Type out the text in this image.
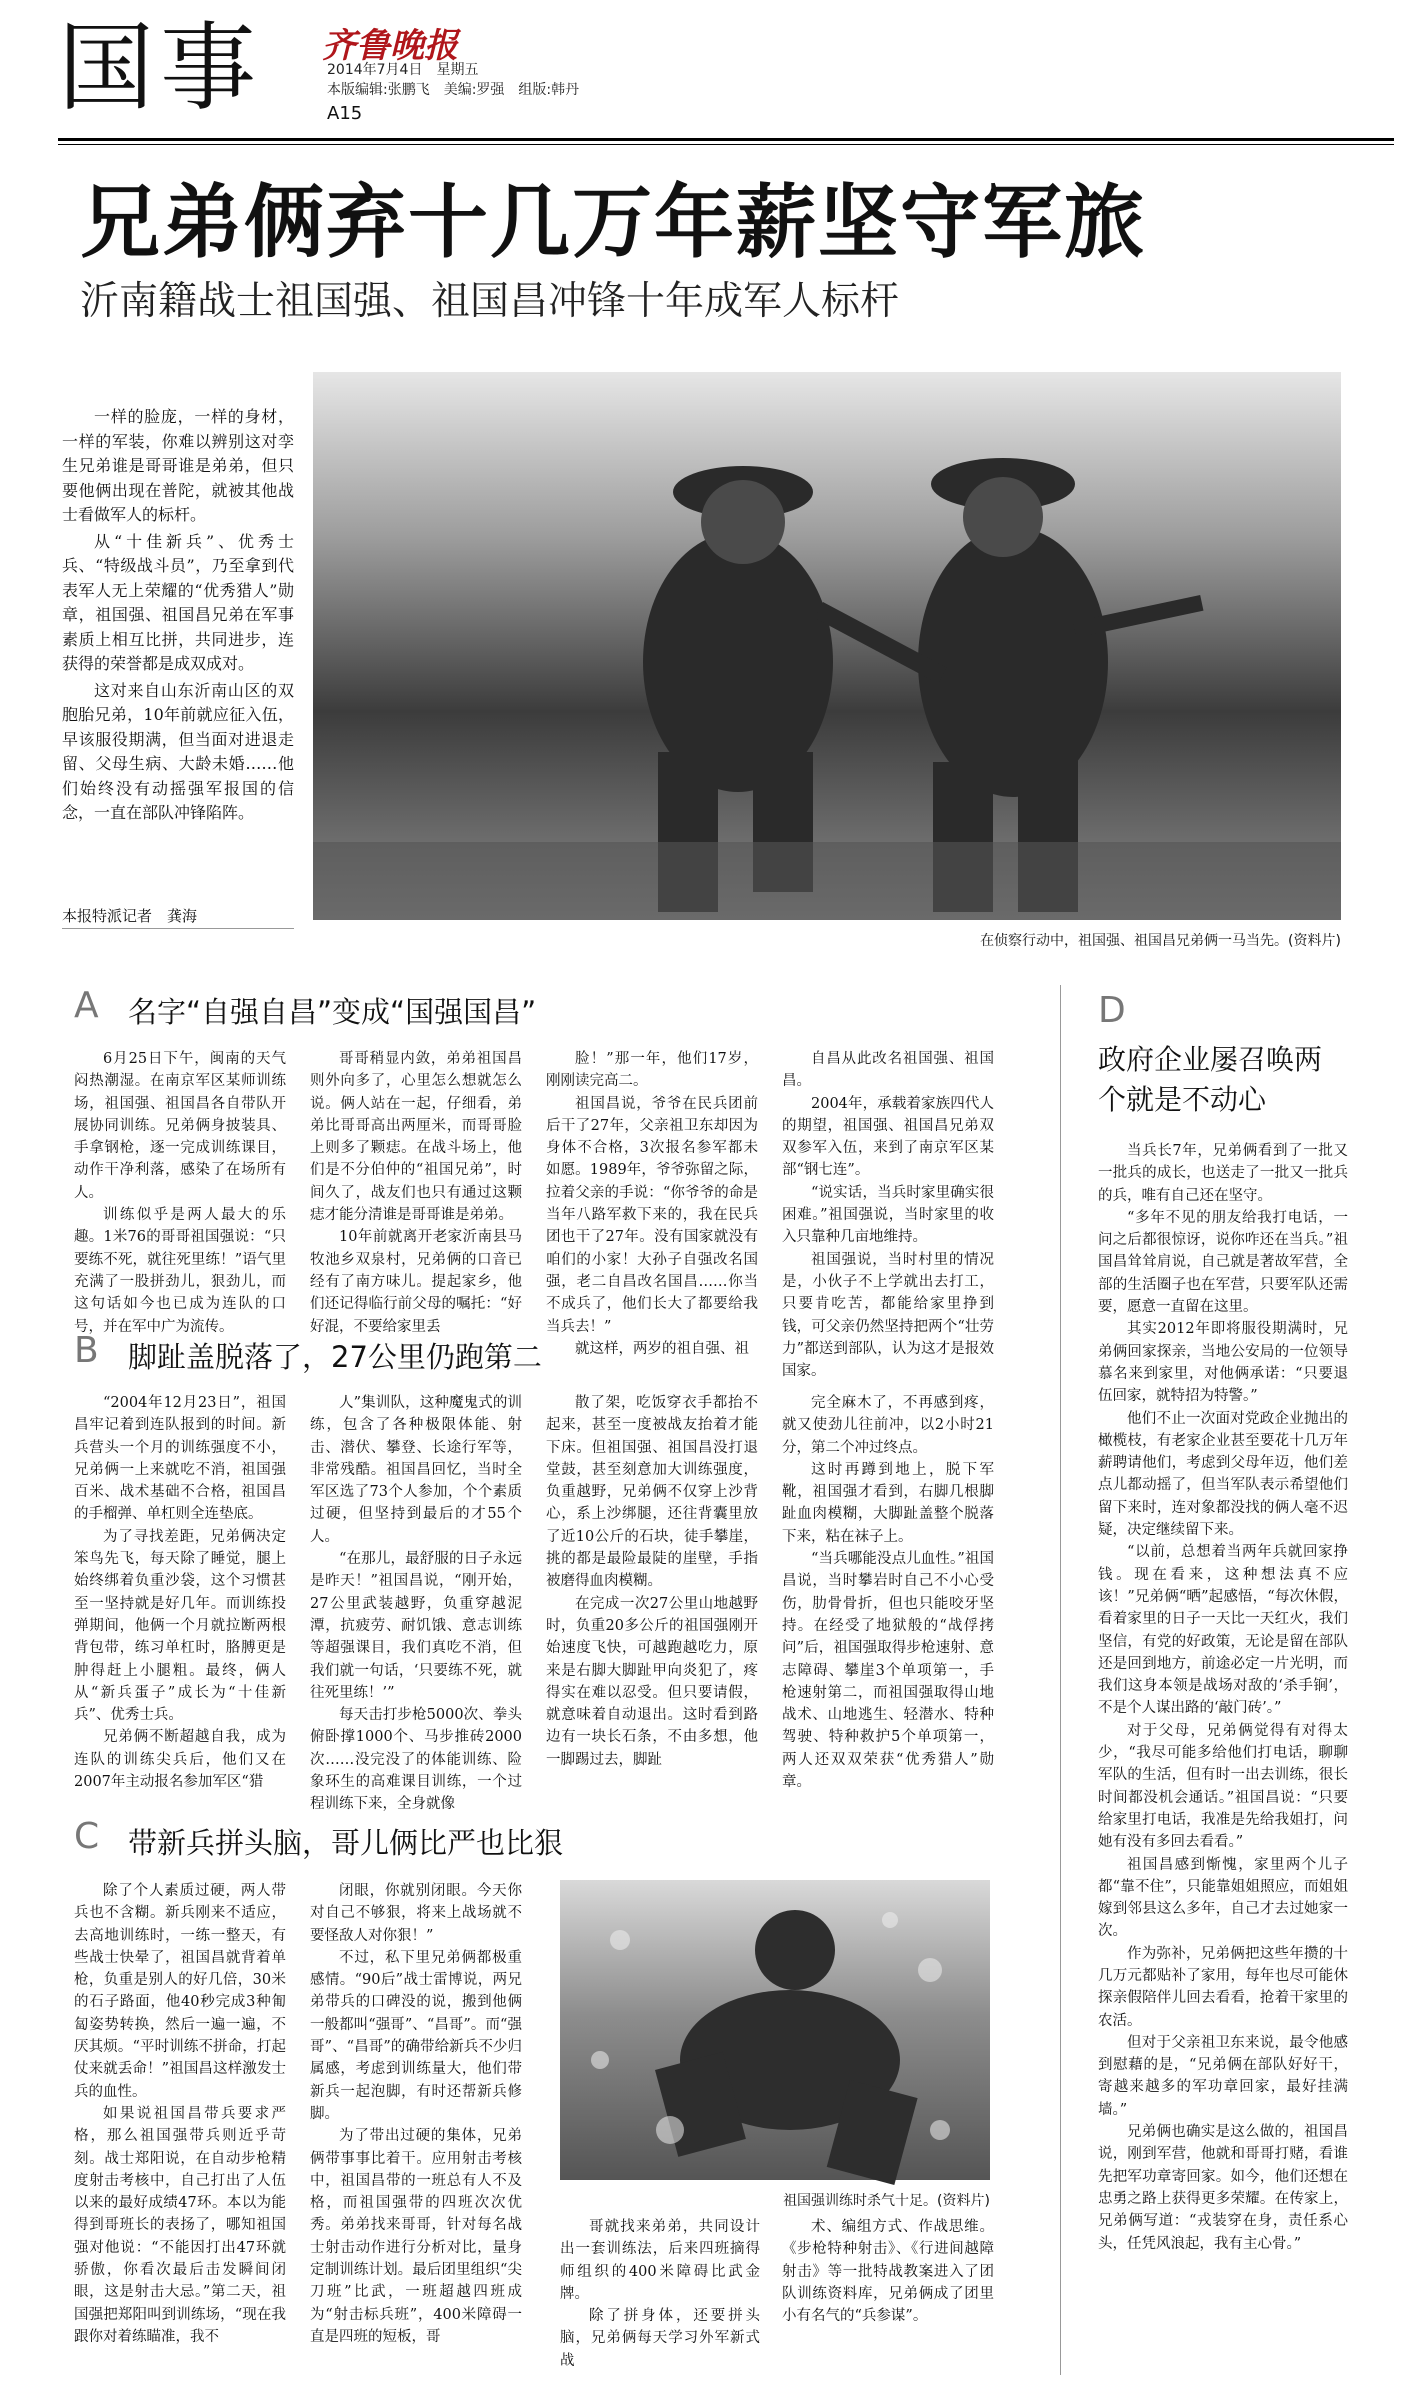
国事 齐鲁晚报
2014年7月4日　星期五
本版编辑:张鹏飞　美编:罗强　组版:韩丹
A15
兄弟俩弃十几万年薪坚守军旅
沂南籍战士祖国强、祖国昌冲锋十年成军人标杆

一样的脸庞，一样的身材，一样的军装，你难以辨别这对孪生兄弟谁是哥哥谁是弟弟，但只要他俩出现在普陀，就被其他战士看做军人的标杆。

从“十佳新兵”、优秀士兵、“特级战斗员”，乃至拿到代表军人无上荣耀的“优秀猎人”勋章，祖国强、祖国昌兄弟在军事素质上相互比拼，共同进步，连获得的荣誉都是成双成对。

这对来自山东沂南山区的双胞胎兄弟，10年前就应征入伍，早该服役期满，但当面对进退走留、父母生病、大龄未婚……他们始终没有动摇强军报国的信念，一直在部队冲锋陷阵。

本报特派记者　龚海
在侦察行动中，祖国强、祖国昌兄弟俩一马当先。(资料片)
A 名字“自强自昌”变成“国强国昌”

6月25日下午，闽南的天气闷热潮湿。在南京军区某师训练场，祖国强、祖国昌各自带队开展协同训练。兄弟俩身披装具、手拿钢枪，逐一完成训练课目，动作干净利落，感染了在场所有人。

训练似乎是两人最大的乐趣。1米76的哥哥祖国强说：“只要练不死，就往死里练！”语气里充满了一股拼劲儿，狠劲儿，而这句话如今也已成为连队的口号，并在军中广为流传。

哥哥稍显内敛，弟弟祖国昌则外向多了，心里怎么想就怎么说。俩人站在一起，仔细看，弟弟比哥哥高出两厘米，而哥哥脸上则多了颗痣。在战斗场上，他们是不分伯仲的“祖国兄弟”，时间久了，战友们也只有通过这颗痣才能分清谁是哥哥谁是弟弟。

10年前就离开老家沂南县马牧池乡双泉村，兄弟俩的口音已经有了南方味儿。提起家乡，他们还记得临行前父母的嘱托：“好好混，不要给家里丢

脸！”那一年，他们17岁，刚刚读完高二。

祖国昌说，爷爷在民兵团前后干了27年，父亲祖卫东却因为身体不合格，3次报名参军都未如愿。1989年，爷爷弥留之际，拉着父亲的手说：“你爷爷的命是当年八路军救下来的，我在民兵团也干了27年。没有国家就没有咱们的小家！大孙子自强改名国强，老二自昌改名国昌……你当不成兵了，他们长大了都要给我当兵去！”

就这样，两岁的祖自强、祖

自昌从此改名祖国强、祖国昌。

2004年，承载着家族四代人的期望，祖国强、祖国昌兄弟双双参军入伍，来到了南京军区某部“钢七连”。

“说实话，当兵时家里确实很困难。”祖国强说，当时家里的收入只靠种几亩地维持。

祖国强说，当时村里的情况是，小伙子不上学就出去打工，只要肯吃苦，都能给家里挣到钱，可父亲仍然坚持把两个“壮劳力”都送到部队，认为这才是报效国家。

B 脚趾盖脱落了，27公里仍跑第二

“2004年12月23日”，祖国昌牢记着到连队报到的时间。新兵营头一个月的训练强度不小，兄弟俩一上来就吃不消，祖国强百米、战术基础不合格，祖国昌的手榴弹、单杠则全连垫底。

为了寻找差距，兄弟俩决定笨鸟先飞，每天除了睡觉，腿上始终绑着负重沙袋，这个习惯甚至一坚持就是好几年。而训练投弹期间，他俩一个月就拉断两根背包带，练习单杠时，胳膊更是肿得赶上小腿粗。最终，俩人从“新兵蛋子”成长为“十佳新兵”、优秀士兵。

兄弟俩不断超越自我，成为连队的训练尖兵后，他们又在2007年主动报名参加军区“猎

人”集训队，这种魔鬼式的训练，包含了各种极限体能、射击、潜伏、攀登、长途行军等，非常残酷。祖国昌回忆，当时全军区选了73个人参加，个个素质过硬，但坚持到最后的才55个人。

“在那儿，最舒服的日子永远是昨天！”祖国昌说，“刚开始，27公里武装越野，负重穿越泥潭，抗疲劳、耐饥饿、意志训练等超强课目，我们真吃不消，但我们就一句话，‘只要练不死，就往死里练！’”

每天击打步枪5000次、拳头俯卧撑1000个、马步推砖2000次……没完没了的体能训练、险象环生的高难课目训练，一个过程训练下来，全身就像

散了架，吃饭穿衣手都抬不起来，甚至一度被战友抬着才能下床。但祖国强、祖国昌没打退堂鼓，甚至刻意加大训练强度，负重越野，兄弟俩不仅穿上沙背心，系上沙绑腿，还往背囊里放了近10公斤的石块，徒手攀崖，挑的都是最险最陡的崖壁，手指被磨得血肉模糊。

在完成一次27公里山地越野时，负重20多公斤的祖国强刚开始速度飞快，可越跑越吃力，原来是右脚大脚趾甲向炎犯了，疼得实在难以忍受。但只要请假，就意味着自动退出。这时看到路边有一块长石条，不由多想，他一脚踢过去，脚趾

完全麻木了，不再感到疼，就又使劲儿往前冲，以2小时21分，第二个冲过终点。

这时再蹲到地上，脱下军靴，祖国强才看到，右脚几根脚趾血肉模糊，大脚趾盖整个脱落下来，粘在袜子上。

“当兵哪能没点儿血性。”祖国昌说，当时攀岩时自己不小心受伤，肋骨骨折，但也只能咬牙坚持。在经受了地狱般的“战俘拷问”后，祖国强取得步枪速射、意志障碍、攀崖3个单项第一，手枪速射第二，而祖国强取得山地战术、山地逃生、轻潜水、特种驾驶、特种救护5个单项第一，两人还双双荣获“优秀猎人”勋章。

C 带新兵拼头脑，哥儿俩比严也比狠

除了个人素质过硬，两人带兵也不含糊。新兵刚来不适应，去高地训练时，一练一整天，有些战士快晕了，祖国昌就背着单枪，负重是别人的好几倍，30米的石子路面，他40秒完成3种匍匐姿势转换，然后一遍一遍，不厌其烦。“平时训练不拼命，打起仗来就丢命！”祖国昌这样激发士兵的血性。

如果说祖国昌带兵要求严格，那么祖国强带兵则近乎苛刻。战士郑阳说，在自动步枪精度射击考核中，自己打出了人伍以来的最好成绩47环。本以为能得到哥班长的表扬了，哪知祖国强对他说：“不能因打出47环就骄傲，你看次最后击发瞬间闭眼，这是射击大忌。”第二天，祖国强把郑阳叫到训练场，“现在我跟你对着练瞄准，我不

闭眼，你就别闭眼。今天你对自己不够狠，将来上战场就不要怪敌人对你狠！”

不过，私下里兄弟俩都极重感情。“90后”战士雷博说，两兄弟带兵的口碑没的说，搬到他俩一般都叫“强哥”、“昌哥”。而“强哥”、“昌哥”的确带给新兵不少归属感，考虑到训练量大，他们带新兵一起泡脚，有时还帮新兵修脚。

为了带出过硬的集体，兄弟俩带事事比着干。应用射击考核中，祖国昌带的一班总有人不及格，而祖国强带的四班次次优秀。弟弟找来哥哥，针对每名战士射击动作进行分析对比，量身定制训练计划。最后团里组织“尖刀班”比武，一班超越四班成为“射击标兵班”，400米障碍一直是四班的短板，哥

祖国强训练时杀气十足。(资料片)

哥就找来弟弟，共同设计出一套训练法，后来四班摘得师组织的400米障碍比武金牌。

除了拼身体，还要拼头脑，兄弟俩每天学习外军新式战

术、编组方式、作战思维。《步枪特种射击》、《行进间越障射击》等一批特战教案进入了团队训练资料库，兄弟俩成了团里小有名气的“兵参谋”。

D
政府企业屡召唤两个就是不动心

当兵长7年，兄弟俩看到了一批又一批兵的成长，也送走了一批又一批兵的兵，唯有自己还在坚守。

“多年不见的朋友给我打电话，一问之后都很惊讶，说你咋还在当兵。”祖国昌耸耸肩说，自己就是著故军营，全部的生活圈子也在军营，只要军队还需要，愿意一直留在这里。

其实2012年即将服役期满时，兄弟俩回家探亲，当地公安局的一位领导慕名来到家里，对他俩承诺：“只要退伍回家，就特招为特警。”

他们不止一次面对党政企业抛出的橄榄枝，有老家企业甚至要花十几万年薪聘请他们，考虑到父母年迈，他们差点儿都动摇了，但当军队表示希望他们留下来时，连对象都没找的俩人毫不迟疑，决定继续留下来。

“以前，总想着当两年兵就回家挣钱。现在看来，这种想法真不应该！”兄弟俩“晒”起感悟，“每次休假，看着家里的日子一天比一天红火，我们坚信，有党的好政策，无论是留在部队还是回到地方，前途必定一片光明，而我们这身本领是战场对敌的‘杀手锏’，不是个人谋出路的‘敲门砖’。”

对于父母，兄弟俩觉得有对得太少，“我尽可能多给他们打电话，聊聊军队的生活，但有时一出去训练，很长时间都没机会通话。”祖国昌说：“只要给家里打电话，我准是先给我姐打，问她有没有多回去看看。”

祖国昌感到惭愧，家里两个儿子都“靠不住”，只能靠姐姐照应，而姐姐嫁到邻县这么多年，自己才去过她家一次。

作为弥补，兄弟俩把这些年攒的十几万元都贴补了家用，每年也尽可能休探亲假陪伴儿回去看看，抢着干家里的农活。

但对于父亲祖卫东来说，最令他感到慰藉的是，“兄弟俩在部队好好干，寄越来越多的军功章回家，最好挂满墙。”

兄弟俩也确实是这么做的，祖国昌说，刚到军营，他就和哥哥打赌，看谁先把军功章寄回家。如今，他们还想在忠勇之路上获得更多荣耀。在传家上，兄弟俩写道：“戎装穿在身，责任系心头，任凭风浪起，我有主心骨。”
